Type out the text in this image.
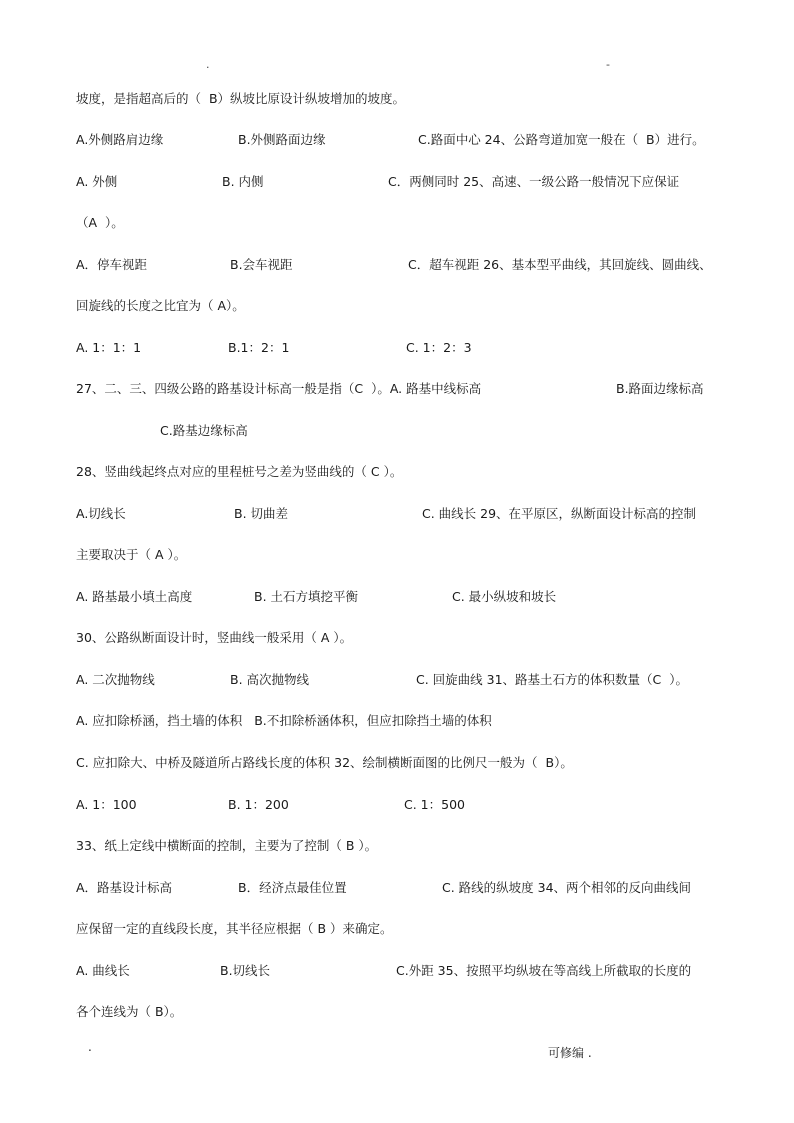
.	-
坡度，是指超高后的（  B）纵坡比原设计纵坡增加的坡度。
A.外侧路肩边缘	B.外侧路面边缘	C.路面中心 24、公路弯道加宽一般在（  B）进行。
A. 外侧	B. 内侧	C．两侧同时 25、高速、一级公路一般情况下应保证
（A  ）。
A．停车视距	B.会车视距	C．超车视距 26、基本型平曲线，其回旋线、圆曲线、
回旋线的长度之比宜为（ A）。
A. 1：1：1	B.1：2：1	C. 1：2：3
27、二、三、四级公路的路基设计标高一般是指（C  ）。A. 路基中线标高	B.路面边缘标高
C.路基边缘标高
28、竖曲线起终点对应的里程桩号之差为竖曲线的（ C ）。
A.切线长	B. 切曲差	C. 曲线长 29、在平原区，纵断面设计标高的控制
主要取决于（ A ）。
A. 路基最小填土高度	B. 土石方填挖平衡	C. 最小纵坡和坡长
30、公路纵断面设计时，竖曲线一般采用（ A ）。
A. 二次抛物线	B. 高次抛物线	C. 回旋曲线 31、路基土石方的体积数量（C  ）。
A. 应扣除桥涵，挡土墙的体积   B.不扣除桥涵体积，但应扣除挡土墙的体积
C. 应扣除大、中桥及隧道所占路线长度的体积 32、绘制横断面图的比例尺一般为（  B）。
A. 1：100	B. 1：200	C. 1：500
33、纸上定线中横断面的控制，主要为了控制（ B ）。
A．路基设计标高	B．经济点最佳位置	C. 路线的纵坡度 34、两个相邻的反向曲线间
应保留一定的直线段长度，其半径应根据（ B ）来确定。
A. 曲线长	B.切线长	C.外距 35、按照平均纵坡在等高线上所截取的长度的
各个连线为（ B）。
.	可修编 .
